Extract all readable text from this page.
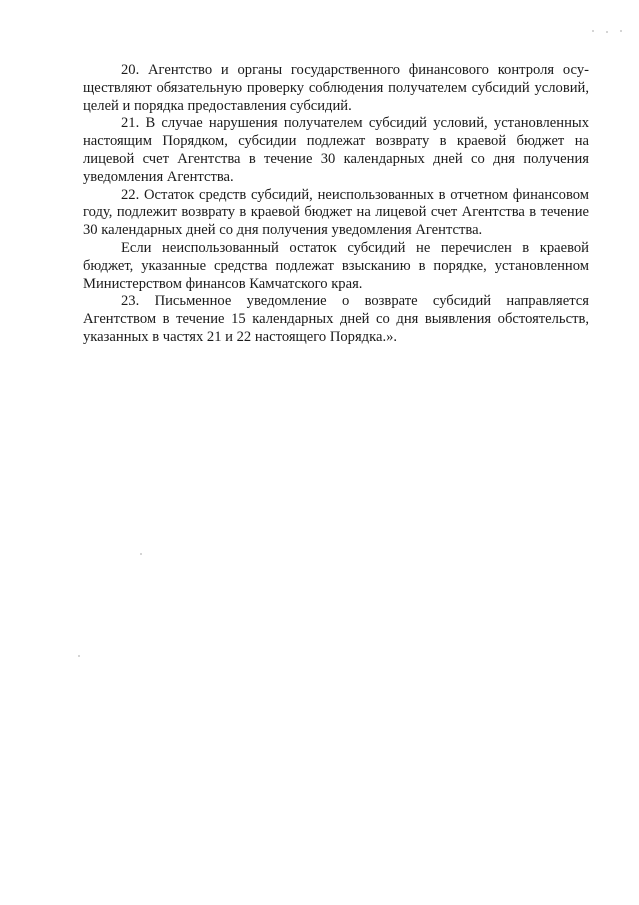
20. Агентство и органы государственного финансового контроля осуществляют обязательную проверку соблюдения получателем субсидий условий, целей и порядка предоставления субсидий.

21. В случае нарушения получателем субсидий условий, установленных настоящим Порядком, субсидии подлежат возврату в краевой бюджет на лицевой счет Агентства в течение 30 календарных дней со дня получения уведомления Агентства.

22. Остаток средств субсидий, неиспользованных в отчетном финансовом году, подлежит возврату в краевой бюджет на лицевой счет Агентства в течение 30 календарных дней со дня получения уведомления Агентства.

Если неиспользованный остаток субсидий не перечислен в краевой бюджет, указанные средства подлежат взысканию в порядке, установленном Министерством финансов Камчатского края.

23. Письменное уведомление о возврате субсидий направляется Агентством в течение 15 календарных дней со дня выявления обстоятельств, указанных в частях 21 и 22 настоящего Порядка.».
